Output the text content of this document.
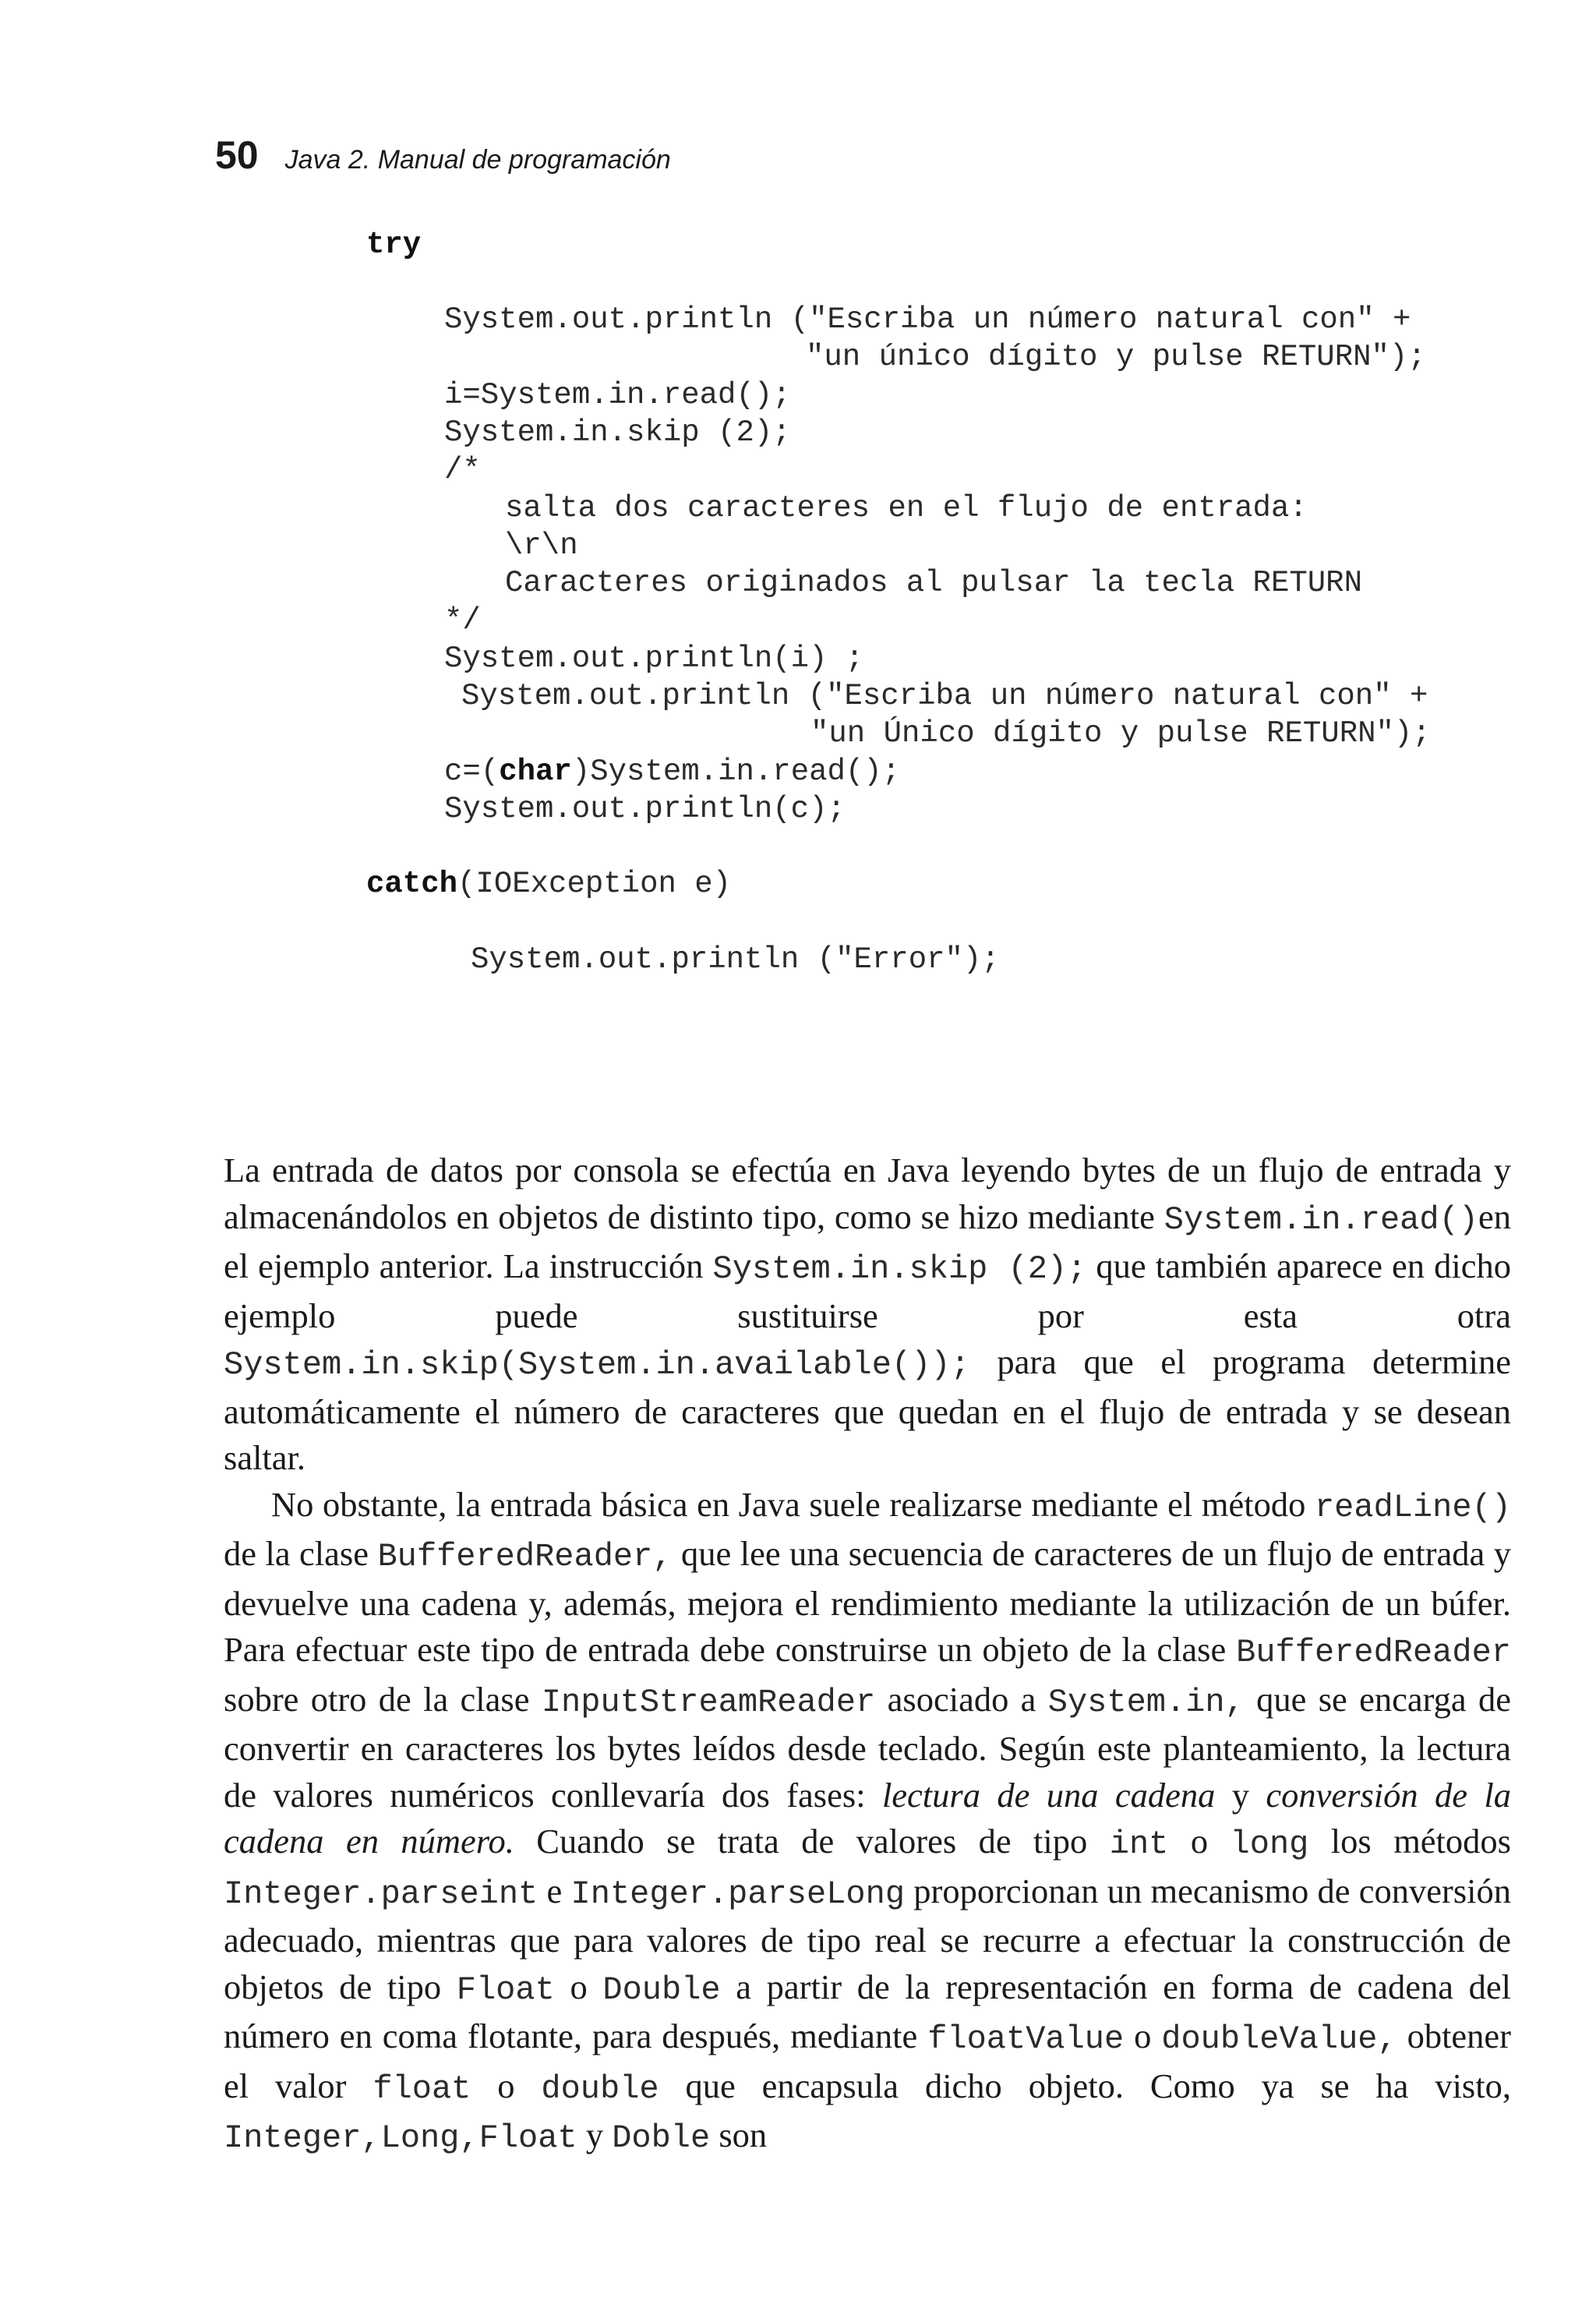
50 Java 2. Manual de programación
try
System.out.println ("Escriba un número natural con" +
"un único dígito y pulse RETURN");
i=System.in.read();
System.in.skip (2);
/*
salta dos caracteres en el flujo de entrada:
\r\n
Caracteres originados al pulsar la tecla RETURN
*/
System.out.println(i) ;
System.out.println ("Escriba un número natural con" +
"un Único dígito y pulse RETURN");
c=(char)System.in.read();
System.out.println(c);
catch(IOException e)
System.out.println ("Error");

La entrada de datos por consola se efectúa en Java leyendo bytes de un flujo de entrada y almacenándolos en objetos de distinto tipo, como se hizo mediante System.in.read()en el ejemplo anterior. La instrucción System.in.skip (2); que también aparece en dicho ejemplo puede sustituirse por esta otra System.in.skip(System.in.available()); para que el programa determine automáticamente el número de caracteres que quedan en el flujo de entrada y se desean saltar.

No obstante, la entrada básica en Java suele realizarse mediante el método readLine() de la clase BufferedReader, que lee una secuencia de caracteres de un flujo de entrada y devuelve una cadena y, además, mejora el rendimiento mediante la utilización de un búfer. Para efectuar este tipo de entrada debe construirse un objeto de la clase BufferedReader sobre otro de la clase InputStreamReader asociado a System.in, que se encarga de convertir en caracteres los bytes leídos desde teclado. Según este planteamiento, la lectura de valores numéricos conllevaría dos fases: lectura de una cadena y conversión de la cadena en número. Cuando se trata de valores de tipo int o long los métodos Integer.parseint e Integer.parseLong proporcionan un mecanismo de conversión adecuado, mientras que para valores de tipo real se recurre a efectuar la construcción de objetos de tipo Float o Double a partir de la representación en forma de cadena del número en coma flotante, para después, mediante floatValue o doubleValue, obtener el valor float o double que encapsula dicho objeto. Como ya se ha visto, Integer,Long,Float y Doble son
